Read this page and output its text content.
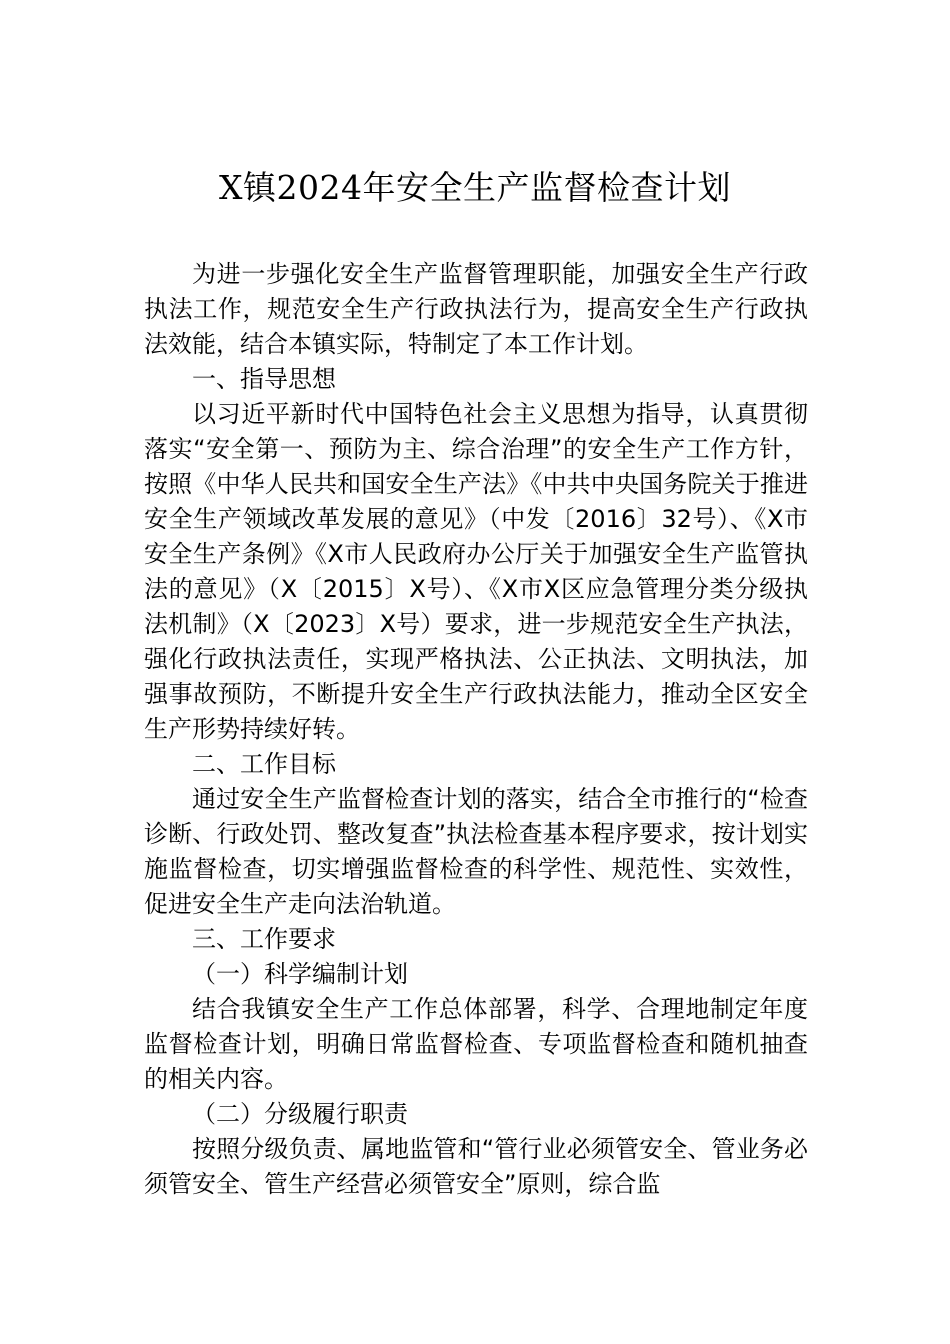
X镇2024年安全生产监督检查计划

为进一步强化安全生产监督管理职能，加强安全生产行政执法工作，规范安全生产行政执法行为，提高安全生产行政执法效能，结合本镇实际，特制定了本工作计划。

一、指导思想

以习近平新时代中国特色社会主义思想为指导，认真贯彻落实“安全第一、预防为主、综合治理”的安全生产工作方针，按照《中华人民共和国安全生产法》《中共中央国务院关于推进安全生产领域改革发展的意见》（中发〔2016〕32号）、《X市安全生产条例》《X市人民政府办公厅关于加强安全生产监管执法的意见》（X〔2015〕X号）、《X市X区应急管理分类分级执法机制》（X〔2023〕X号）要求，进一步规范安全生产执法，强化行政执法责任，实现严格执法、公正执法、文明执法，加强事故预防，不断提升安全生产行政执法能力，推动全区安全生产形势持续好转。

二、工作目标

通过安全生产监督检查计划的落实，结合全市推行的“检查诊断、行政处罚、整改复查”执法检查基本程序要求，按计划实施监督检查，切实增强监督检查的科学性、规范性、实效性，促进安全生产走向法治轨道。

三、工作要求

（一）科学编制计划

结合我镇安全生产工作总体部署，科学、合理地制定年度监督检查计划，明确日常监督检查、专项监督检查和随机抽查的相关内容。

（二）分级履行职责

按照分级负责、属地监管和“管行业必须管安全、管业务必须管安全、管生产经营必须管安全”原则，综合监
